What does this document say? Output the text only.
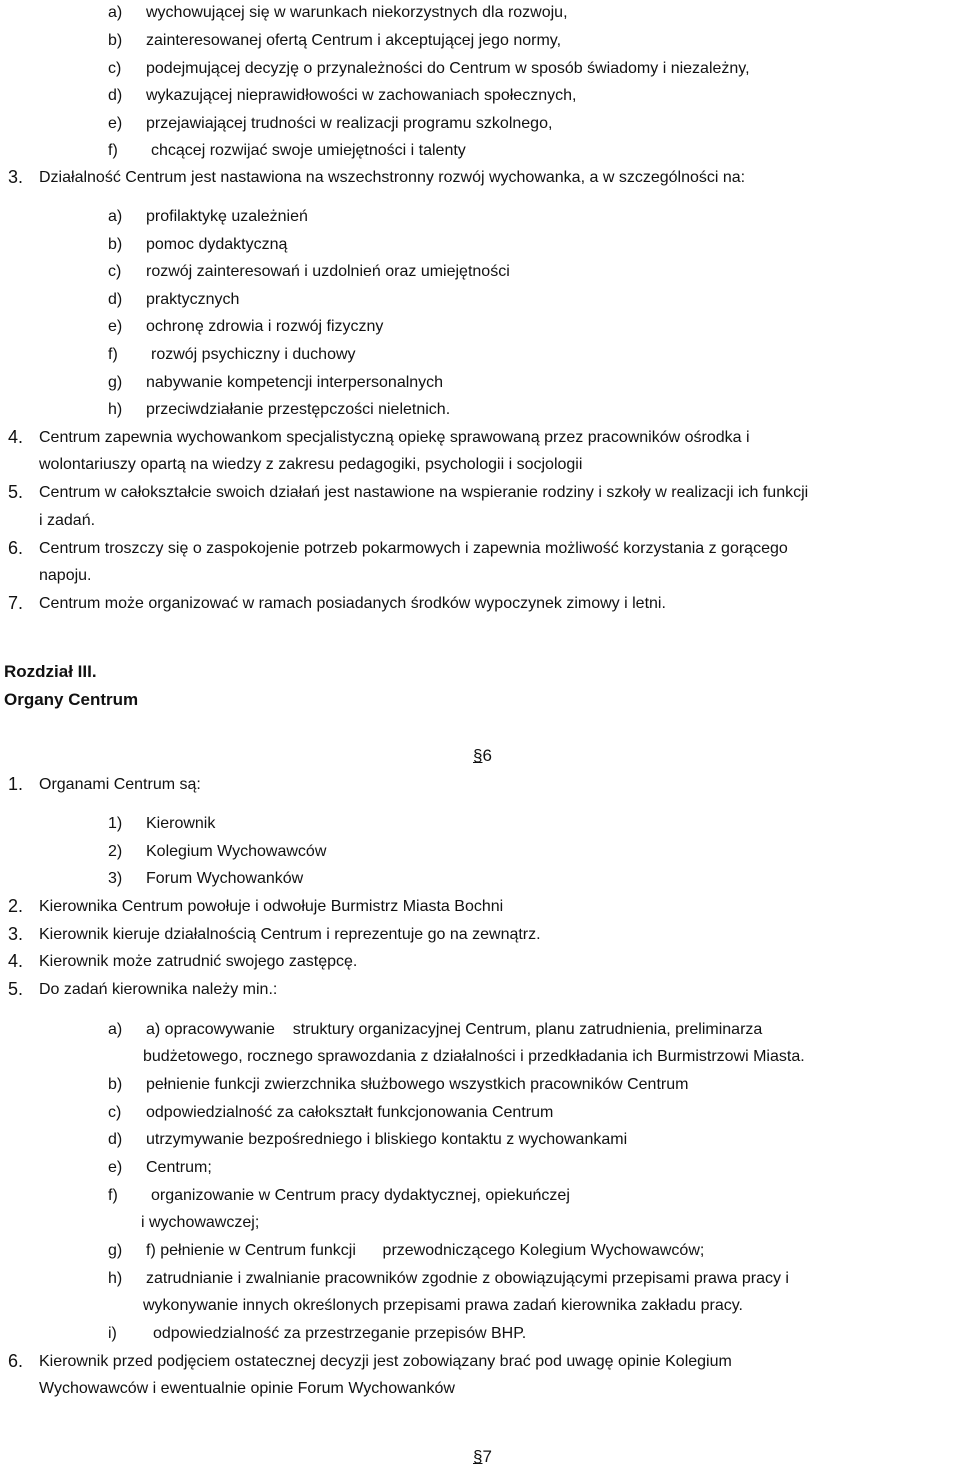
a) wychowującej się w warunkach niekorzystnych dla rozwoju,
b) zainteresowanej ofertą Centrum i akceptującej jego normy,
c) podejmującej decyzję o przynależności do Centrum w sposób świadomy i niezależny,
d) wykazującej nieprawidłowości w zachowaniach społecznych,
e) przejawiającej trudności w realizacji programu szkolnego,
f) chcącej rozwijać swoje umiejętności i talenty
3. Działalność Centrum jest nastawiona na wszechstronny rozwój wychowanka, a w szczególności na:
a) profilaktykę uzależnień
b) pomoc dydaktyczną
c) rozwój zainteresowań i uzdolnień oraz umiejętności
d) praktycznych
e) ochronę zdrowia i rozwój fizyczny
f) rozwój psychiczny i duchowy
g) nabywanie kompetencji interpersonalnych
h) przeciwdziałanie przestępczości nieletnich.
4. Centrum zapewnia wychowankom specjalistyczną opiekę sprawowaną przez pracowników ośrodka i
wolontariuszy opartą na wiedzy z zakresu pedagogiki, psychologii i socjologii
5. Centrum w całokształcie swoich działań jest nastawione na wspieranie rodziny i szkoły w realizacji ich funkcji
i zadań.
6. Centrum troszczy się o zaspokojenie potrzeb pokarmowych i zapewnia możliwość korzystania z gorącego
napoju.
7. Centrum może organizować w ramach posiadanych środków wypoczynek zimowy i letni.
Rozdział III.
Organy Centrum
§6
1. Organami Centrum są:
1) Kierownik
2) Kolegium Wychowawców
3) Forum Wychowanków
2. Kierownika Centrum powołuje i odwołuje Burmistrz Miasta Bochni
3. Kierownik kieruje działalnością Centrum i reprezentuje go na zewnątrz.
4. Kierownik może zatrudnić swojego zastępcę.
5. Do zadań kierownika należy min.:
a) a) opracowywanie    struktury organizacyjnej Centrum, planu zatrudnienia, preliminarza
budżetowego, rocznego sprawozdania z działalności i przedkładania ich Burmistrzowi Miasta.
b) pełnienie funkcji zwierzchnika służbowego wszystkich pracowników Centrum
c) odpowiedzialność za całokształt funkcjonowania Centrum
d) utrzymywanie bezpośredniego i bliskiego kontaktu z wychowankami
e) Centrum;
f) organizowanie w Centrum pracy dydaktycznej, opiekuńczej
i wychowawczej;
g) f) pełnienie w Centrum funkcji      przewodniczącego Kolegium Wychowawców;
h) zatrudnianie i zwalnianie pracowników zgodnie z obowiązującymi przepisami prawa pracy i
wykonywanie innych określonych przepisami prawa zadań kierownika zakładu pracy.
i) odpowiedzialność za przestrzeganie przepisów BHP.
6. Kierownik przed podjęciem ostatecznej decyzji jest zobowiązany brać pod uwagę opinie Kolegium
Wychowawców i ewentualnie opinie Forum Wychowanków
§7
